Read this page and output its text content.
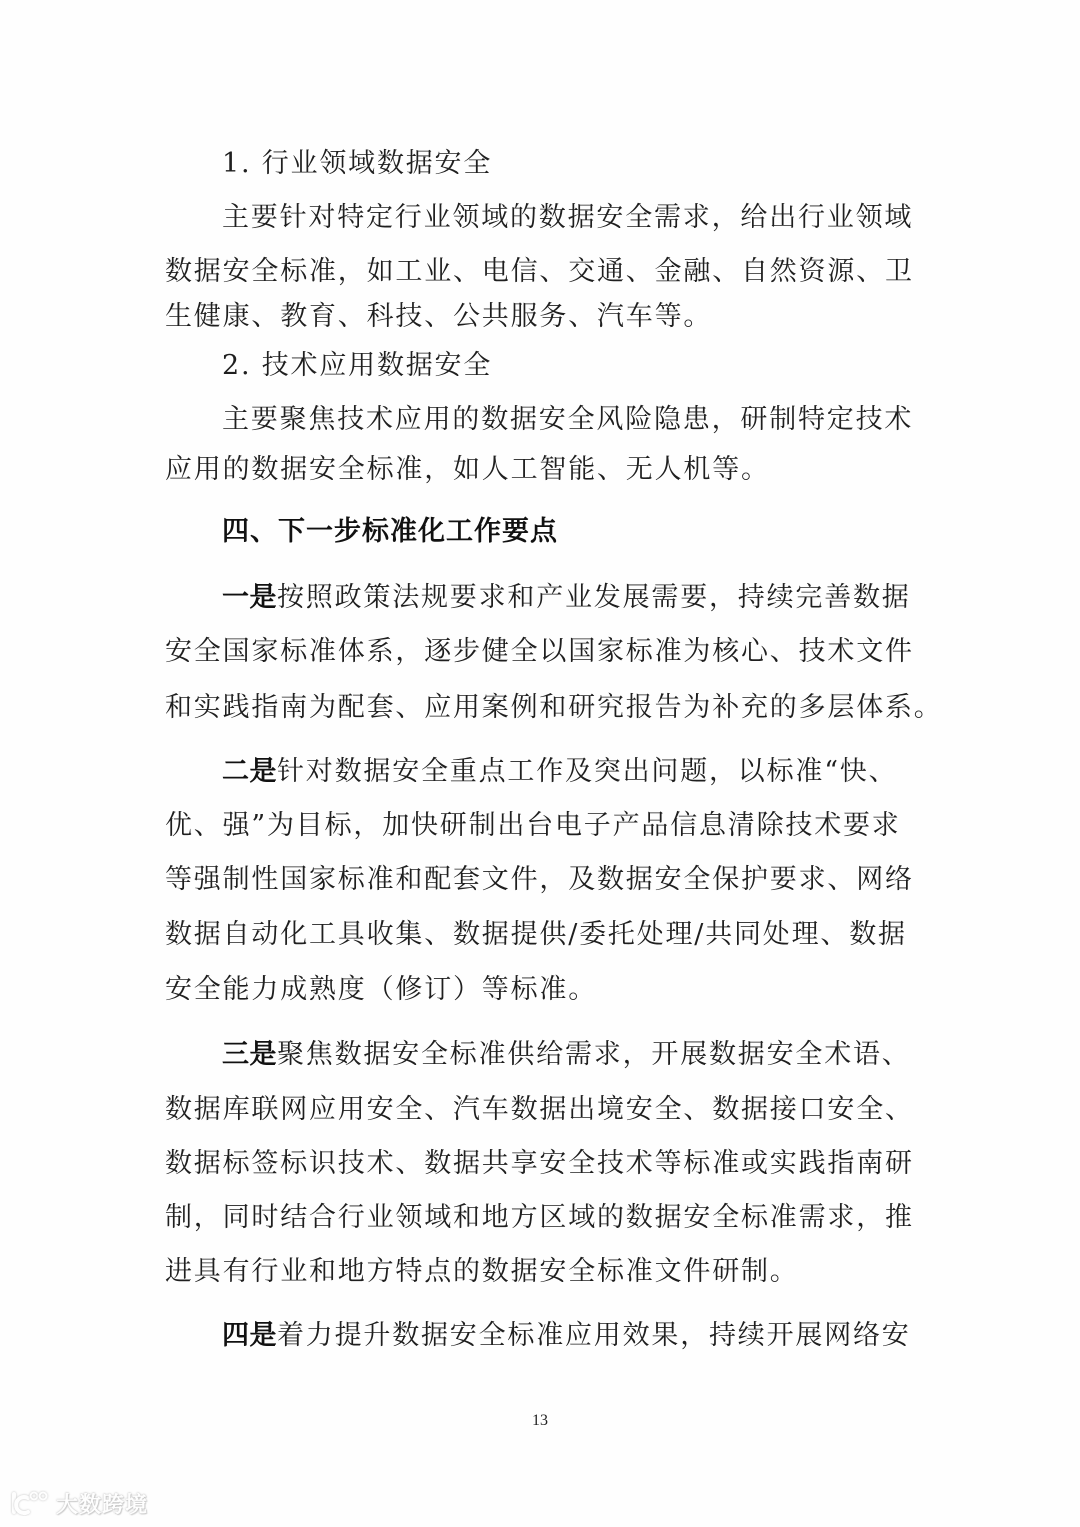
1. 行业领域数据安全
主要针对特定行业领域的数据安全需求，给出行业领域
数据安全标准，如工业、电信、交通、金融、自然资源、卫
生健康、教育、科技、公共服务、汽车等。
2. 技术应用数据安全
主要聚焦技术应用的数据安全风险隐患，研制特定技术
应用的数据安全标准，如人工智能、无人机等。
四、下一步标准化工作要点
一是按照政策法规要求和产业发展需要，持续完善数据
安全国家标准体系，逐步健全以国家标准为核心、技术文件
和实践指南为配套、应用案例和研究报告为补充的多层体系。
二是针对数据安全重点工作及突出问题，以标准“快、
优、强”为目标，加快研制出台电子产品信息清除技术要求
等强制性国家标准和配套文件，及数据安全保护要求、网络
数据自动化工具收集、数据提供/委托处理/共同处理、数据
安全能力成熟度（修订）等标准。
三是聚焦数据安全标准供给需求，开展数据安全术语、
数据库联网应用安全、汽车数据出境安全、数据接口安全、
数据标签标识技术、数据共享安全技术等标准或实践指南研
制，同时结合行业领域和地方区域的数据安全标准需求，推
进具有行业和地方特点的数据安全标准文件研制。
四是着力提升数据安全标准应用效果，持续开展网络安
13
大数跨境
